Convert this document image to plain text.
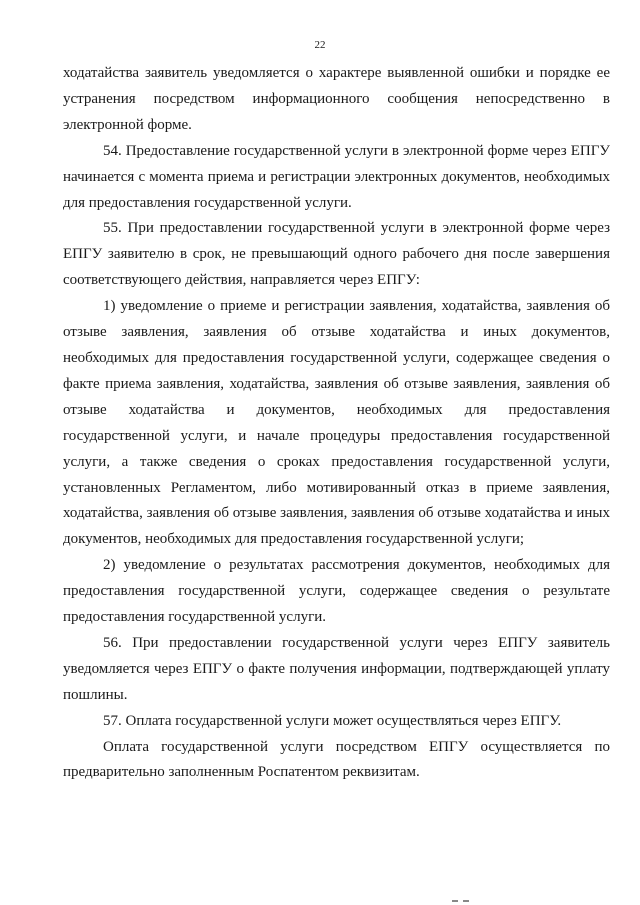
22

ходатайства заявитель уведомляется о характере выявленной ошибки и порядке ее устранения посредством информационного сообщения непосредственно в электронной форме.

54. Предоставление государственной услуги в электронной форме через ЕПГУ начинается с момента приема и регистрации электронных документов, необходимых для предоставления государственной услуги.

55. При предоставлении государственной услуги в электронной форме через ЕПГУ заявителю в срок, не превышающий одного рабочего дня после завершения соответствующего действия, направляется через ЕПГУ:

1) уведомление о приеме и регистрации заявления, ходатайства, заявления об отзыве заявления, заявления об отзыве ходатайства и иных документов, необходимых для предоставления государственной услуги, содержащее сведения о факте приема заявления, ходатайства, заявления об отзыве заявления, заявления об отзыве ходатайства и документов, необходимых для предоставления государственной услуги, и начале процедуры предоставления государственной услуги, а также сведения о сроках предоставления государственной услуги, установленных Регламентом, либо мотивированный отказ в приеме заявления, ходатайства, заявления об отзыве заявления, заявления об отзыве ходатайства и иных документов, необходимых для предоставления государственной услуги;

2) уведомление о результатах рассмотрения документов, необходимых для предоставления государственной услуги, содержащее сведения о результате предоставления государственной услуги.

56. При предоставлении государственной услуги через ЕПГУ заявитель уведомляется через ЕПГУ о факте получения информации, подтверждающей уплату пошлины.

57. Оплата государственной услуги может осуществляться через ЕПГУ.

Оплата государственной услуги посредством ЕПГУ осуществляется по предварительно заполненным Роспатентом реквизитам.
